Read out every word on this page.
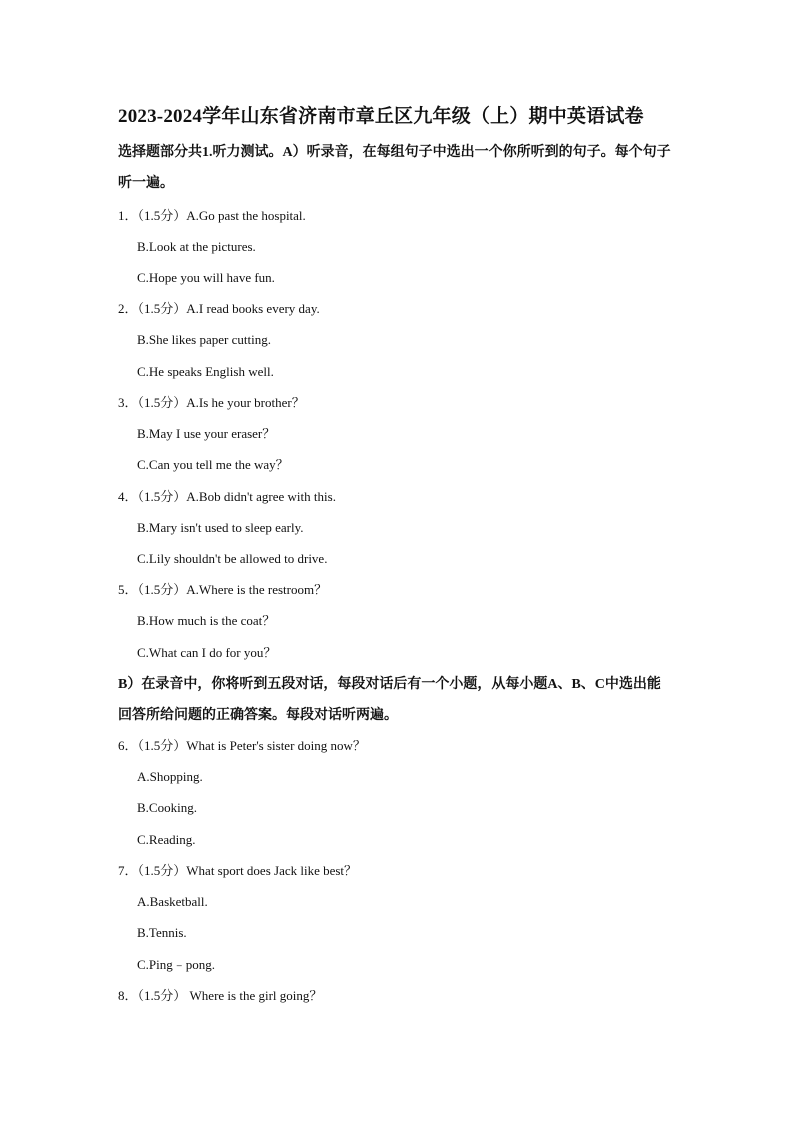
2023-2024学年山东省济南市章丘区九年级（上）期中英语试卷
选择题部分共1.听力测试。A）听录音，在每组句子中选出一个你所听到的句子。每个句子
听一遍。
1．（1.5分）A.Go past the hospital.
B.Look at the pictures.
C.Hope you will have fun.
2．（1.5分）A.I read books every day.
B.She likes paper cutting.
C.He speaks English well.
3．（1.5分）A.Is he your brother？
B.May I use your eraser？
C.Can you tell me the way？
4．（1.5分）A.Bob didn't agree with this.
B.Mary isn't used to sleep early.
C.Lily shouldn't be allowed to drive.
5．（1.5分）A.Where is the restroom？
B.How much is the coat？
C.What can I do for you？
B）在录音中，你将听到五段对话，每段对话后有一个小题，从每小题A、B、C中选出能
回答所给问题的正确答案。每段对话听两遍。
6．（1.5分）What is Peter's sister doing now？
A.Shopping.
B.Cooking.
C.Reading.
7．（1.5分）What sport does Jack like best？
A.Basketball.
B.Tennis.
C.Ping﹣pong.
8．（1.5分） Where is the girl going？
